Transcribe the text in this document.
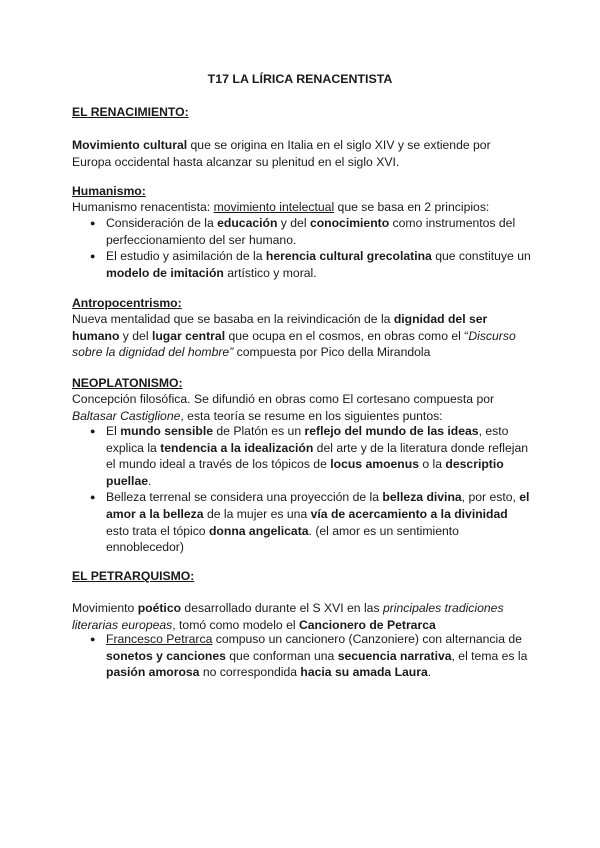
T17 LA LÍRICA RENACENTISTA
EL RENACIMIENTO:
Movimiento cultural que se origina en Italia en el siglo XIV y se extiende por Europa occidental hasta alcanzar su plenitud en el siglo XVI.
Humanismo:
Humanismo renacentista: movimiento intelectual que se basa en 2 principios:
● Consideración de la educación y del conocimiento como instrumentos del perfeccionamiento del ser humano.
● El estudio y asimilación de la herencia cultural grecolatina que constituye un modelo de imitación artístico y moral.
Antropocentrismo:
Nueva mentalidad que se basaba en la reivindicación de la dignidad del ser humano y del lugar central que ocupa en el cosmos, en obras como el “Discurso sobre la dignidad del hombre” compuesta por Pico della Mirandola
NEOPLATONISMO:
Concepción filosófica. Se difundió en obras como El cortesano compuesta por Baltasar Castiglione, esta teoría se resume en los siguientes puntos:
● El mundo sensible de Platón es un reflejo del mundo de las ideas, esto explica la tendencia a la idealización del arte y de la literatura donde reflejan el mundo ideal a través de los tópicos de locus amoenus o la descriptio puellae.
● Belleza terrenal se considera una proyección de la belleza divina, por esto, el amor a la belleza de la mujer es una vía de acercamiento a la divinidad esto trata el tópico donna angelicata. (el amor es un sentimiento ennoblecedor)
EL PETRARQUISMO:
Movimiento poético desarrollado durante el S XVI en las principales tradiciones literarias europeas, tomó como modelo el Cancionero de Petrarca
● Francesco Petrarca compuso un cancionero (Canzoniere) con alternancia de sonetos y canciones que conforman una secuencia narrativa, el tema es la pasión amorosa no correspondida hacia su amada Laura.
